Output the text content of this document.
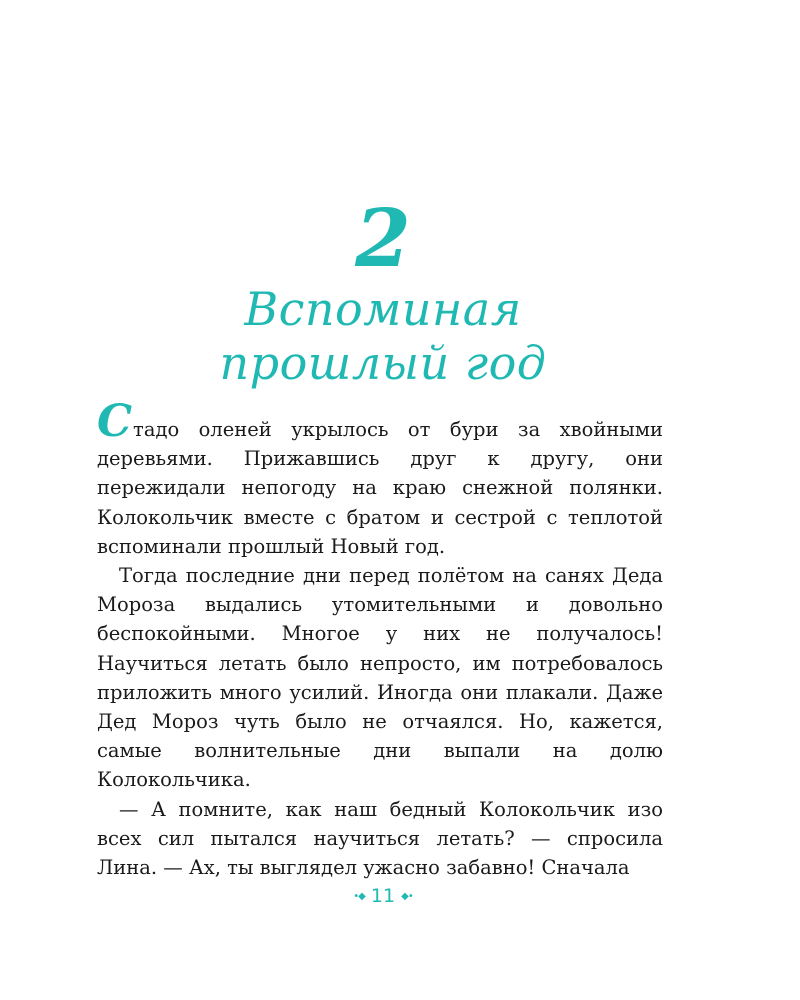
2
Вспоминая
прошлый год

Стадо оленей укрылось от бури за хвойными деревьями. Прижавшись друг к другу, они пережидали непогоду на краю снежной полянки. Колокольчик вместе с братом и сестрой с теплотой вспоминали прошлый Новый год.

Тогда последние дни перед полётом на санях Деда Мороза выдались утомительными и довольно беспокойными. Многое у них не получалось! Научиться летать было непросто, им потребовалось приложить много усилий. Иногда они плакали. Даже Дед Мороз чуть было не отчаялся. Но, кажется, самые волнительные дни выпали на долю Колокольчика.

— А помните, как наш бедный Колокольчик изо всех сил пытался научиться летать? — спросила Лина. — Ах, ты выглядел ужасно забавно! Сначала

•◆ 11 ◆•
